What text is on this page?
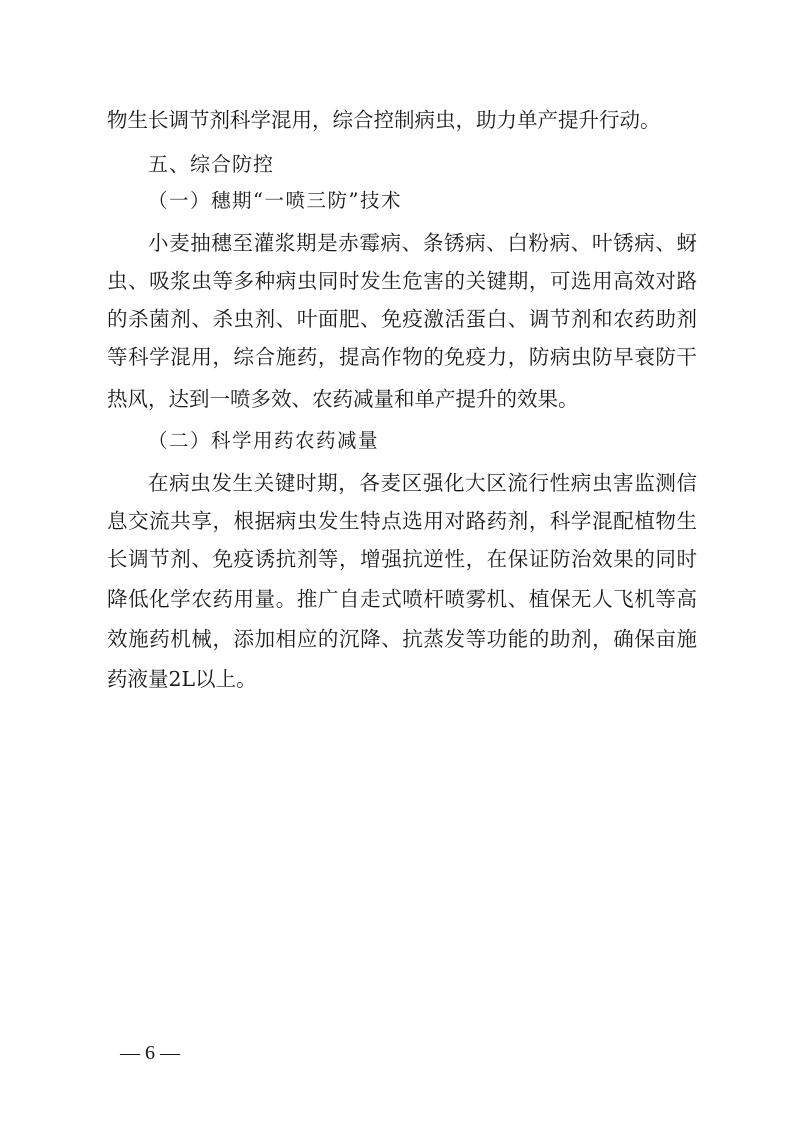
物生长调节剂科学混用，综合控制病虫，助力单产提升行动。
五、综合防控
（一）穗期“一喷三防”技术
小麦抽穗至灌浆期是赤霉病、条锈病、白粉病、叶锈病、蚜
虫、吸浆虫等多种病虫同时发生危害的关键期，可选用高效对路
的杀菌剂、杀虫剂、叶面肥、免疫激活蛋白、调节剂和农药助剂
等科学混用，综合施药，提高作物的免疫力，防病虫防早衰防干
热风，达到一喷多效、农药减量和单产提升的效果。
（二）科学用药农药减量
在病虫发生关键时期，各麦区强化大区流行性病虫害监测信
息交流共享，根据病虫发生特点选用对路药剂，科学混配植物生
长调节剂、免疫诱抗剂等，增强抗逆性，在保证防治效果的同时
降低化学农药用量。推广自走式喷杆喷雾机、植保无人飞机等高
效施药机械，添加相应的沉降、抗蒸发等功能的助剂，确保亩施
药液量2L以上。
— 6 —
